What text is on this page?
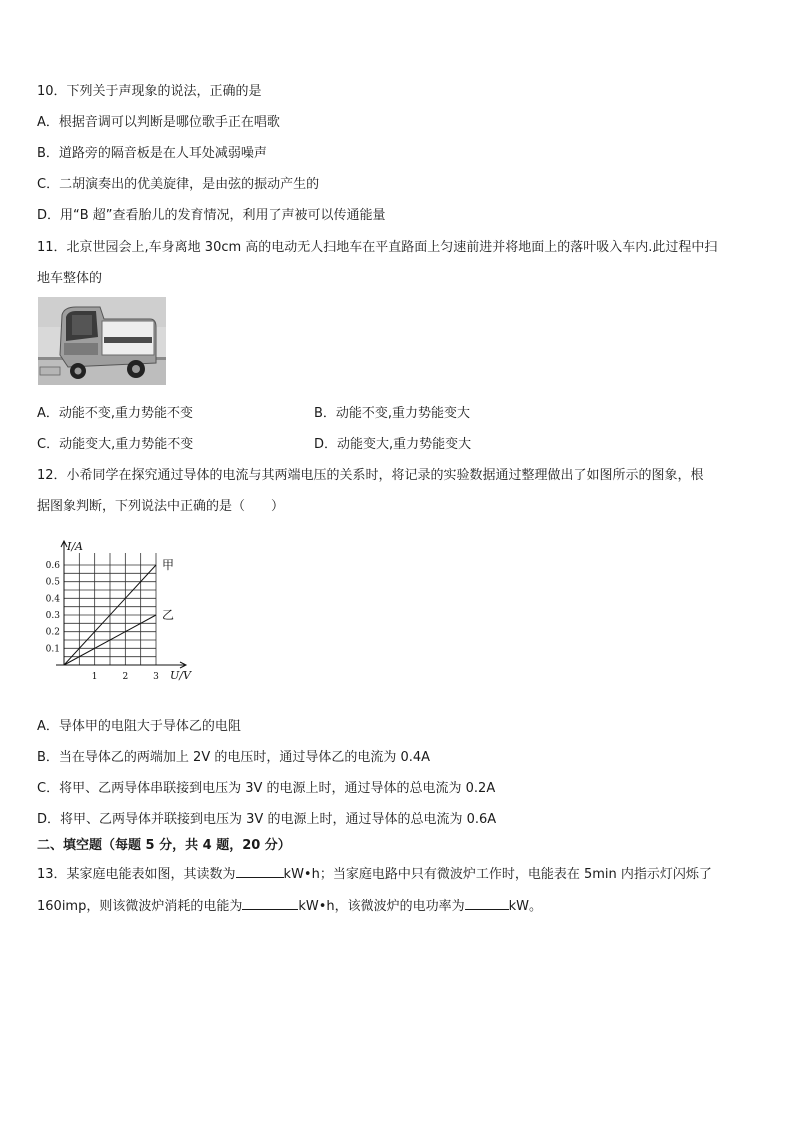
10．下列关于声现象的说法，正确的是
A．根据音调可以判断是哪位歌手正在唱歌
B．道路旁的隔音板是在人耳处减弱噪声
C．二胡演奏出的优美旋律，是由弦的振动产生的
D．用“B 超”查看胎儿的发育情况，利用了声被可以传通能量
11．北京世园会上,车身离地 30cm 高的电动无人扫地车在平直路面上匀速前进并将地面上的落叶吸入车内.此过程中扫
地车整体的
A．动能不变,重力势能不变	B．动能不变,重力势能变大
C．动能变大,重力势能不变	D．动能变大,重力势能变大
12．小希同学在探究通过导体的电流与其两端电压的关系时，将记录的实验数据通过整理做出了如图所示的图象，根
据图象判断，下列说法中正确的是（　　）
甲
乙
0.1
0.2
0.3
0.4
0.5
0.6
1	2	3
I/A
U/V
A．导体甲的电阻大于导体乙的电阻
B．当在导体乙的两端加上 2V 的电压时，通过导体乙的电流为 0.4A
C．将甲、乙两导体串联接到电压为 3V 的电源上时，通过导体的总电流为 0.2A
D．将甲、乙两导体并联接到电压为 3V 的电源上时，通过导体的总电流为 0.6A
二、填空题（每题 5 分，共 4 题，20 分）
13．某家庭电能表如图，其读数为	kW•h；当家庭电路中只有微波炉工作时，电能表在 5min 内指示灯闪烁了
160imp，则该微波炉消耗的电能为	kW•h，该微波炉的电功率为	kW。
